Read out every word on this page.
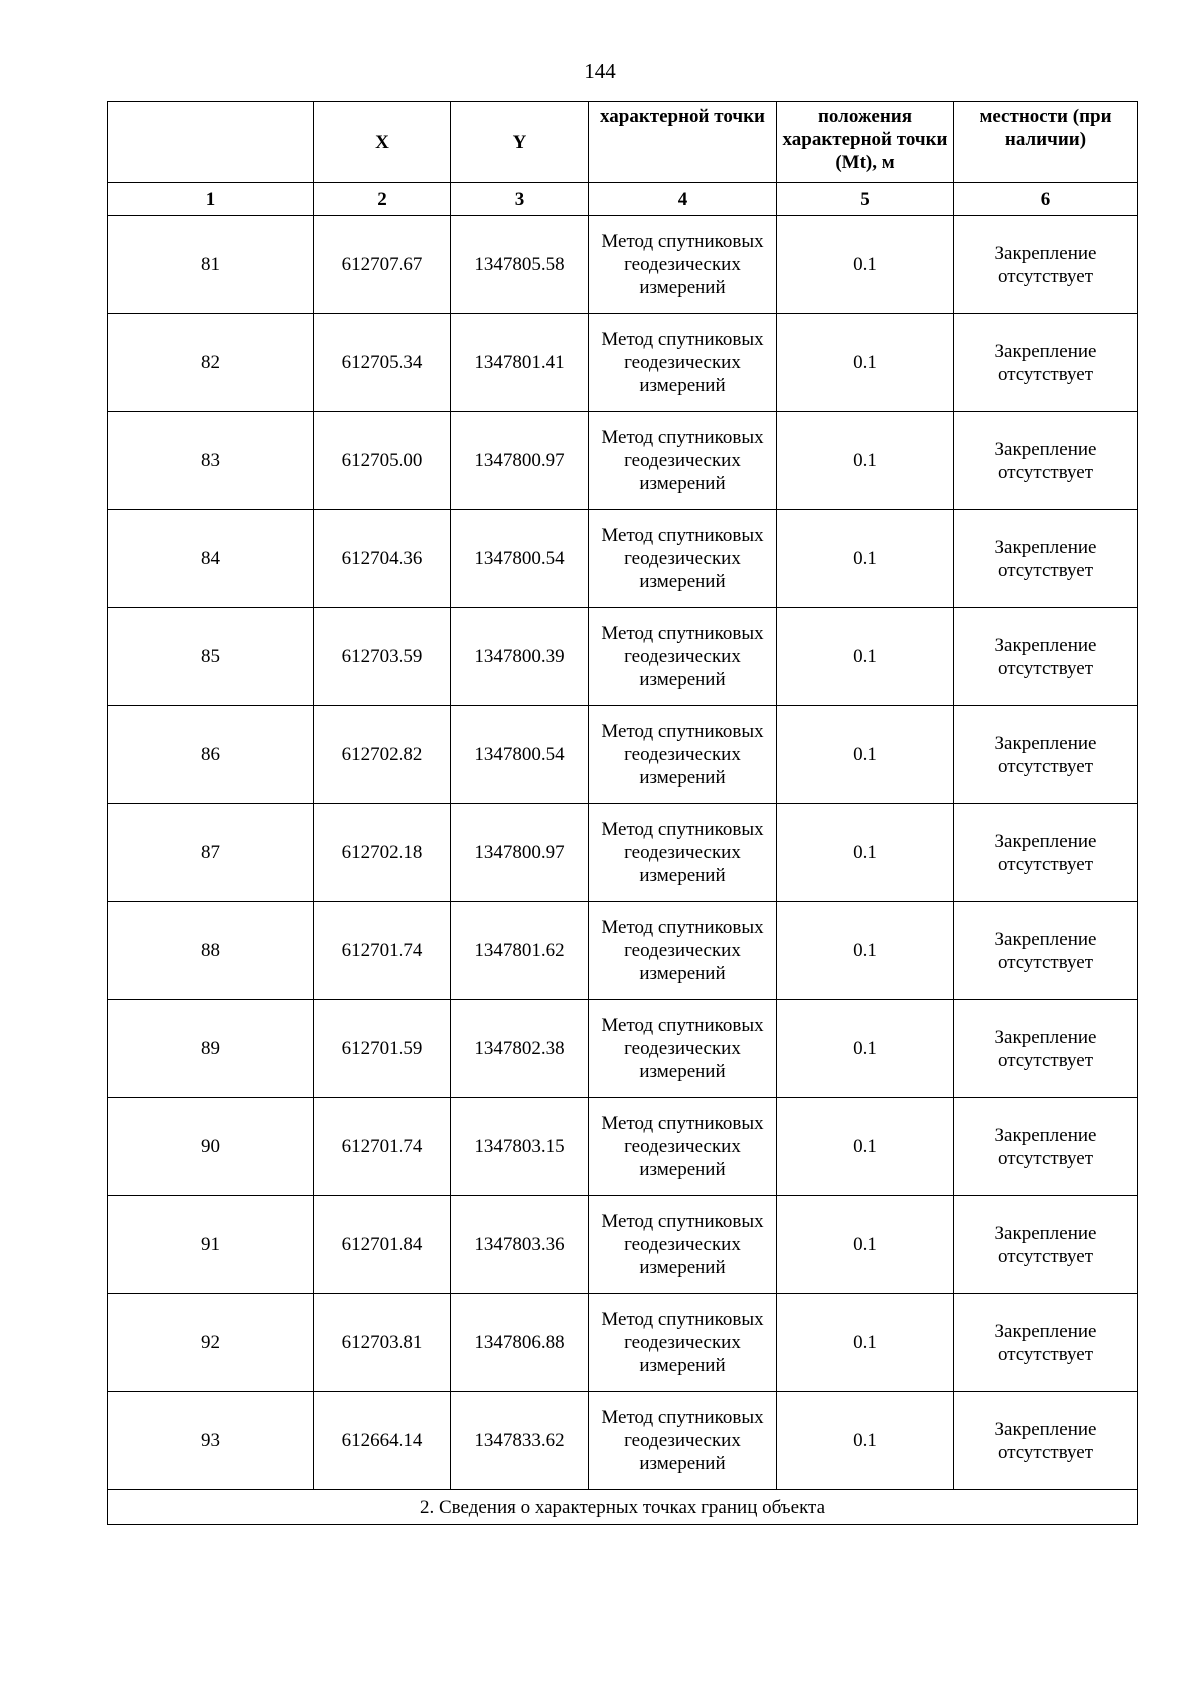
144
	X	Y	характерной точки	положения характерной точки (Mt), м	местности (при наличии)
1	2	3	4	5	6
81	612707.67	1347805.58	Метод спутниковых геодезических измерений	0.1	Закрепление отсутствует
82	612705.34	1347801.41	Метод спутниковых геодезических измерений	0.1	Закрепление отсутствует
83	612705.00	1347800.97	Метод спутниковых геодезических измерений	0.1	Закрепление отсутствует
84	612704.36	1347800.54	Метод спутниковых геодезических измерений	0.1	Закрепление отсутствует
85	612703.59	1347800.39	Метод спутниковых геодезических измерений	0.1	Закрепление отсутствует
86	612702.82	1347800.54	Метод спутниковых геодезических измерений	0.1	Закрепление отсутствует
87	612702.18	1347800.97	Метод спутниковых геодезических измерений	0.1	Закрепление отсутствует
88	612701.74	1347801.62	Метод спутниковых геодезических измерений	0.1	Закрепление отсутствует
89	612701.59	1347802.38	Метод спутниковых геодезических измерений	0.1	Закрепление отсутствует
90	612701.74	1347803.15	Метод спутниковых геодезических измерений	0.1	Закрепление отсутствует
91	612701.84	1347803.36	Метод спутниковых геодезических измерений	0.1	Закрепление отсутствует
92	612703.81	1347806.88	Метод спутниковых геодезических измерений	0.1	Закрепление отсутствует
93	612664.14	1347833.62	Метод спутниковых геодезических измерений	0.1	Закрепление отсутствует
2. Сведения о характерных точках границ объекта					
